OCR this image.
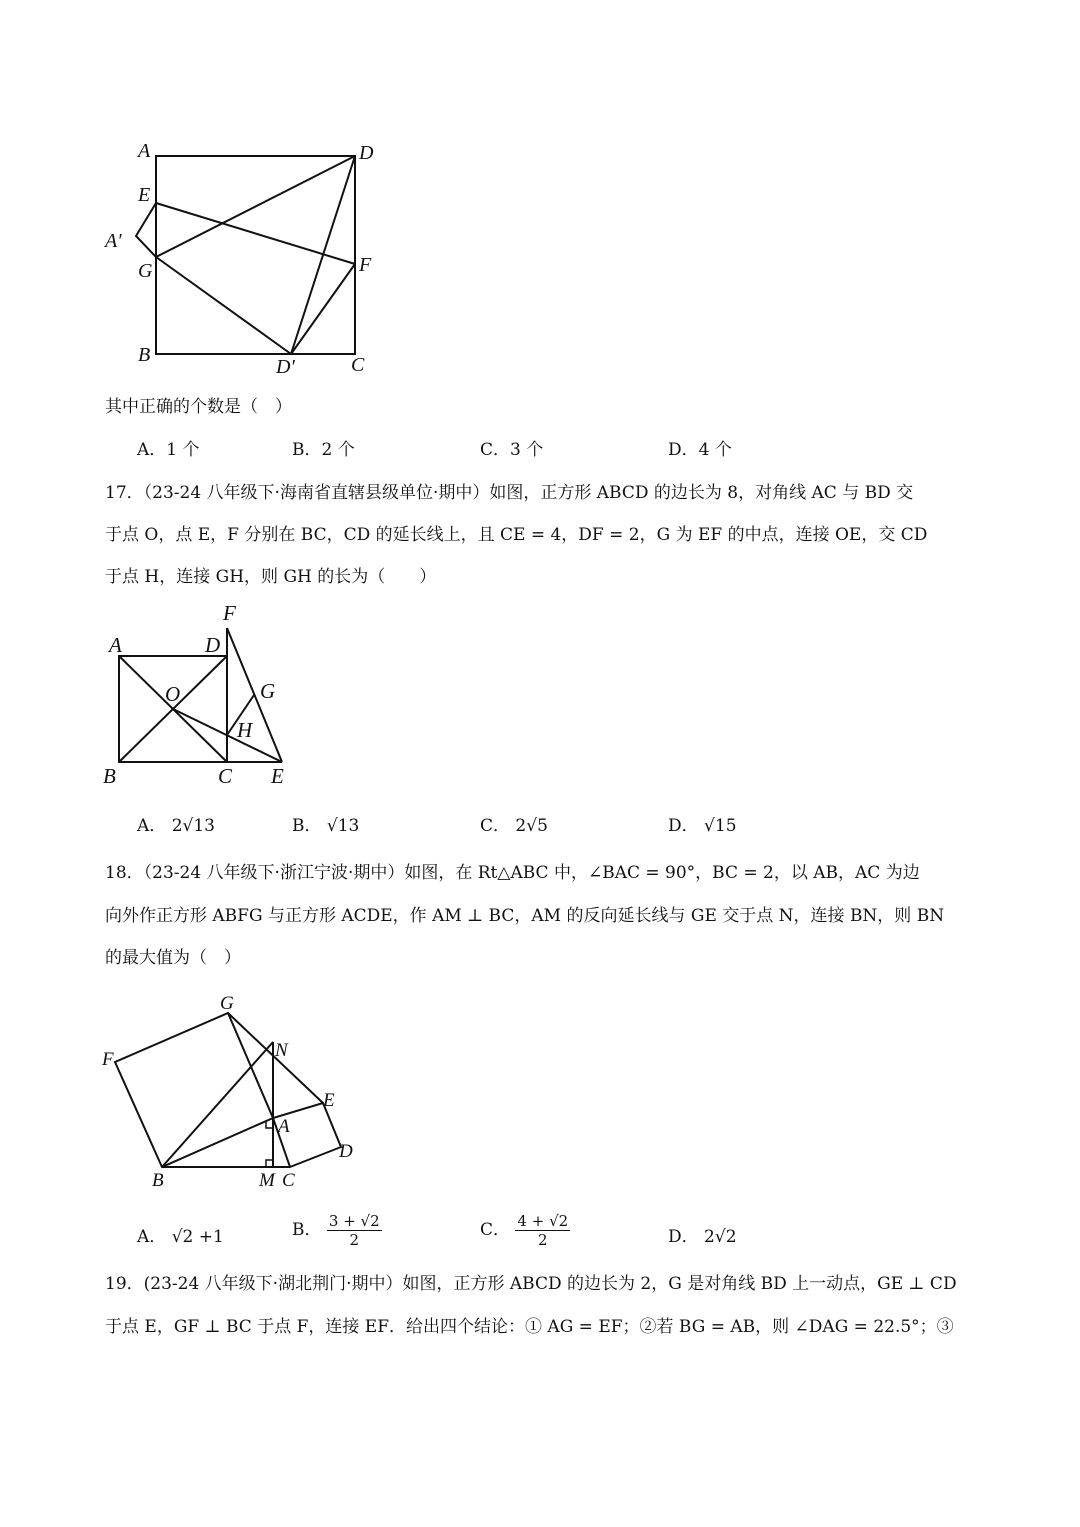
A	D
E
A′
G	F
B
D′	C
其中正确的个数是（　）
A．1 个	B．2 个	C．3 个	D．4 个
17．（23-24 八年级下·海南省直辖县级单位·期中）如图，正方形 ABCD 的边长为 8，对角线 AC 与 BD 交
于点 O，点 E，F 分别在 BC，CD 的延长线上，且 CE = 4，DF = 2，G 为 EF 的中点，连接 OE，交 CD
于点 H，连接 GH，则 GH 的长为（　　）
F
A	D
O	G
H
B	C E
A． 2√13	B． √13	C． 2√5	D． √15
18．（23-24 八年级下·浙江宁波·期中）如图，在 Rt△ABC 中，∠BAC = 90°，BC = 2，以 AB，AC 为边
向外作正方形 ABFG 与正方形 ACDE，作 AM ⊥ BC，AM 的反向延长线与 GE 交于点 N，连接 BN，则 BN
的最大值为（　）
G
F	N
E
A
D
B	M C
A． √2 +1	B． $\frac{3 + √2}{2}$	C． $\frac{4 + √2}{2}$	D． 2√2
19．(23-24 八年级下·湖北荆门·期中）如图，正方形 ABCD 的边长为 2，G 是对角线 BD 上一动点，GE ⊥ CD
于点 E，GF ⊥ BC 于点 F，连接 EF．给出四个结论：① AG = EF；②若 BG = AB，则 ∠DAG = 22.5°；③
